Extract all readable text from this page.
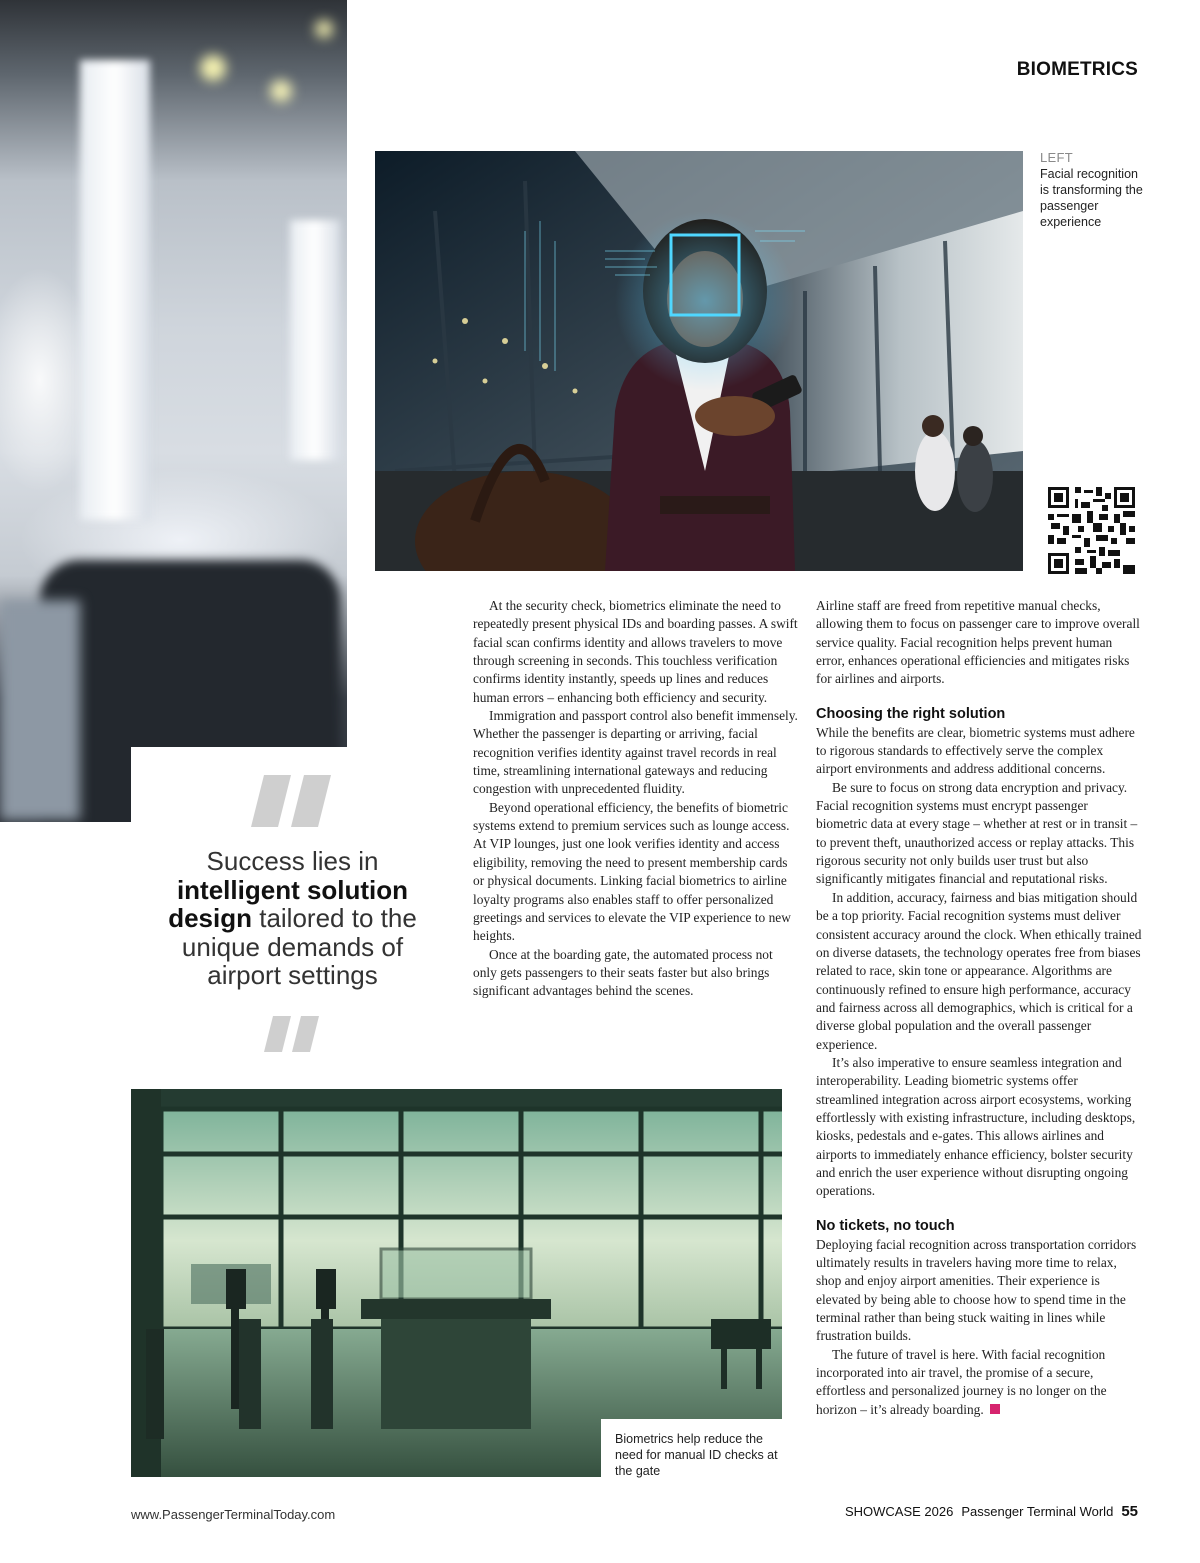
BIOMETRICS
LEFT
Facial recognition is transforming the passenger experience
Success lies in intelligent solution design tailored to the unique demands of airport settings

At the security check, biometrics eliminate the need to repeatedly present physical IDs and boarding passes. A swift facial scan confirms identity and allows travelers to move through screening in seconds. This touchless verification confirms identity instantly, speeds up lines and reduces human errors – enhancing both efficiency and security.

Immigration and passport control also benefit immensely. Whether the passenger is departing or arriving, facial recognition verifies identity against travel records in real time, streamlining international gateways and reducing congestion with unprecedented fluidity.

Beyond operational efficiency, the benefits of biometric systems extend to premium services such as lounge access. At VIP lounges, just one look verifies identity and access eligibility, removing the need to present membership cards or physical documents. Linking facial biometrics to airline loyalty programs also enables staff to offer personalized greetings and services to elevate the VIP experience to new heights.

Once at the boarding gate, the automated process not only gets passengers to their seats faster but also brings significant advantages behind the scenes.

Airline staff are freed from repetitive manual checks, allowing them to focus on passenger care to improve overall service quality. Facial recognition helps prevent human error, enhances operational efficiencies and mitigates risks for airlines and airports.

Choosing the right solution

While the benefits are clear, biometric systems must adhere to rigorous standards to effectively serve the complex airport environments and address additional concerns.

Be sure to focus on strong data encryption and privacy. Facial recognition systems must encrypt passenger biometric data at every stage – whether at rest or in transit – to prevent theft, unauthorized access or replay attacks. This rigorous security not only builds user trust but also significantly mitigates financial and reputational risks.

In addition, accuracy, fairness and bias mitigation should be a top priority. Facial recognition systems must deliver consistent accuracy around the clock. When ethically trained on diverse datasets, the technology operates free from biases related to race, skin tone or appearance. Algorithms are continuously refined to ensure high performance, accuracy and fairness across all demographics, which is critical for a diverse global population and the overall passenger experience.

It’s also imperative to ensure seamless integration and interoperability. Leading biometric systems offer streamlined integration across airport ecosystems, working effortlessly with existing infrastructure, including desktops, kiosks, pedestals and e-gates. This allows airlines and airports to immediately enhance efficiency, bolster security and enrich the user experience without disrupting ongoing operations.

No tickets, no touch

Deploying facial recognition across transportation corridors ultimately results in travelers having more time to relax, shop and enjoy airport amenities. Their experience is elevated by being able to choose how to spend time in the terminal rather than being stuck waiting in lines while frustration builds.

The future of travel is here. With facial recognition incorporated into air travel, the promise of a secure, effortless and personalized journey is no longer on the horizon – it’s already boarding.

Biometrics help reduce the need for manual ID checks at the gate
www.PassengerTerminalToday.com	SHOWCASE 2026 Passenger Terminal World 55
